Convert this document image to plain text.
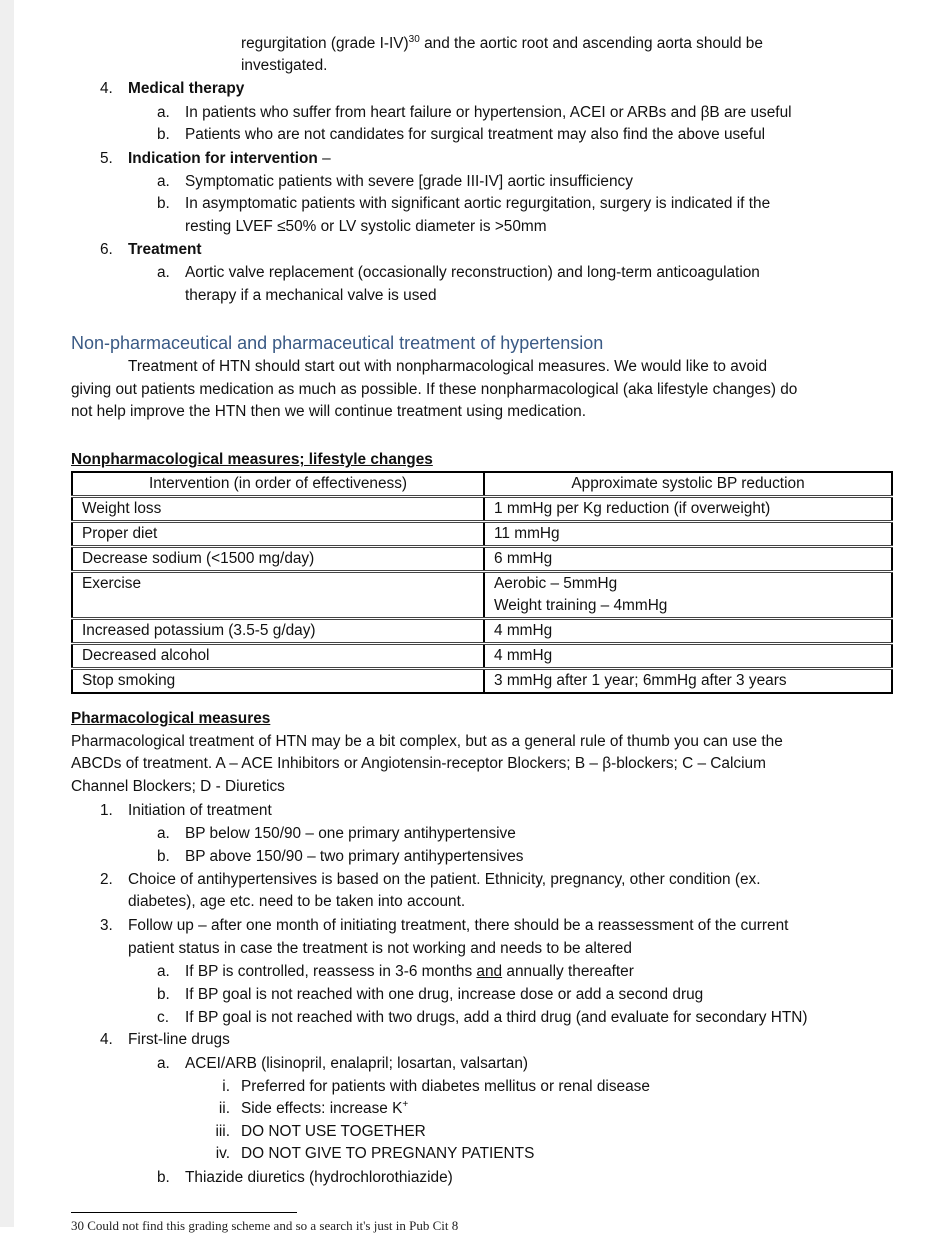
regurgitation (grade I-IV)$^{30}$ and the aortic root and ascending aorta should be
investigated.
4. Medical therapy
a. In patients who suffer from heart failure or hypertension, ACEI or ARBs and βB are useful
b. Patients who are not candidates for surgical treatment may also find the above useful
5. Indication for intervention –
a. Symptomatic patients with severe [grade III-IV] aortic insufficiency
b. In asymptomatic patients with significant aortic regurgitation, surgery is indicated if the
resting LVEF ≤50% or LV systolic diameter is >50mm
6. Treatment
a. Aortic valve replacement (occasionally reconstruction) and long-term anticoagulation
therapy if a mechanical valve is used
Non-pharmaceutical and pharmaceutical treatment of hypertension
Treatment of HTN should start out with nonpharmacological measures. We would like to avoid
giving out patients medication as much as possible. If these nonpharmacological (aka lifestyle changes) do
not help improve the HTN then we will continue treatment using medication.
Nonpharmacological measures; lifestyle changes
Intervention (in order of effectiveness)	Approximate systolic BP reduction
Weight loss	1 mmHg per Kg reduction (if overweight)
Proper diet	11 mmHg
Decrease sodium (<1500 mg/day)	6 mmHg
Exercise	Aerobic – 5mmHg
Weight training – 4mmHg

Increased potassium (3.5-5 g/day)	4 mmHg
Decreased alcohol	4 mmHg
Stop smoking	3 mmHg after 1 year; 6mmHg after 3 years
Pharmacological measures
Pharmacological treatment of HTN may be a bit complex, but as a general rule of thumb you can use the
ABCDs of treatment. A – ACE Inhibitors or Angiotensin-receptor Blockers; B – β-blockers; C – Calcium
Channel Blockers; D - Diuretics
1. Initiation of treatment
a. BP below 150/90 – one primary antihypertensive
b. BP above 150/90 – two primary antihypertensives
2. Choice of antihypertensives is based on the patient. Ethnicity, pregnancy, other condition (ex.
diabetes), age etc. need to be taken into account.
3. Follow up – after one month of initiating treatment, there should be a reassessment of the current
patient status in case the treatment is not working and needs to be altered
a. If BP is controlled, reassess in 3-6 months and annually thereafter
b. If BP goal is not reached with one drug, increase dose or add a second drug
c. If BP goal is not reached with two drugs, add a third drug (and evaluate for secondary HTN)
4. First-line drugs
a. ACEI/ARB (lisinopril, enalapril; losartan, valsartan)
i. Preferred for patients with diabetes mellitus or renal disease
ii. Side effects: increase K+
iii. DO NOT USE TOGETHER
iv. DO NOT GIVE TO PREGNANY PATIENTS
b. Thiazide diuretics (hydrochlorothiazide)
30 Could not find this grading scheme and so a search it's just in Pub Cit 8
